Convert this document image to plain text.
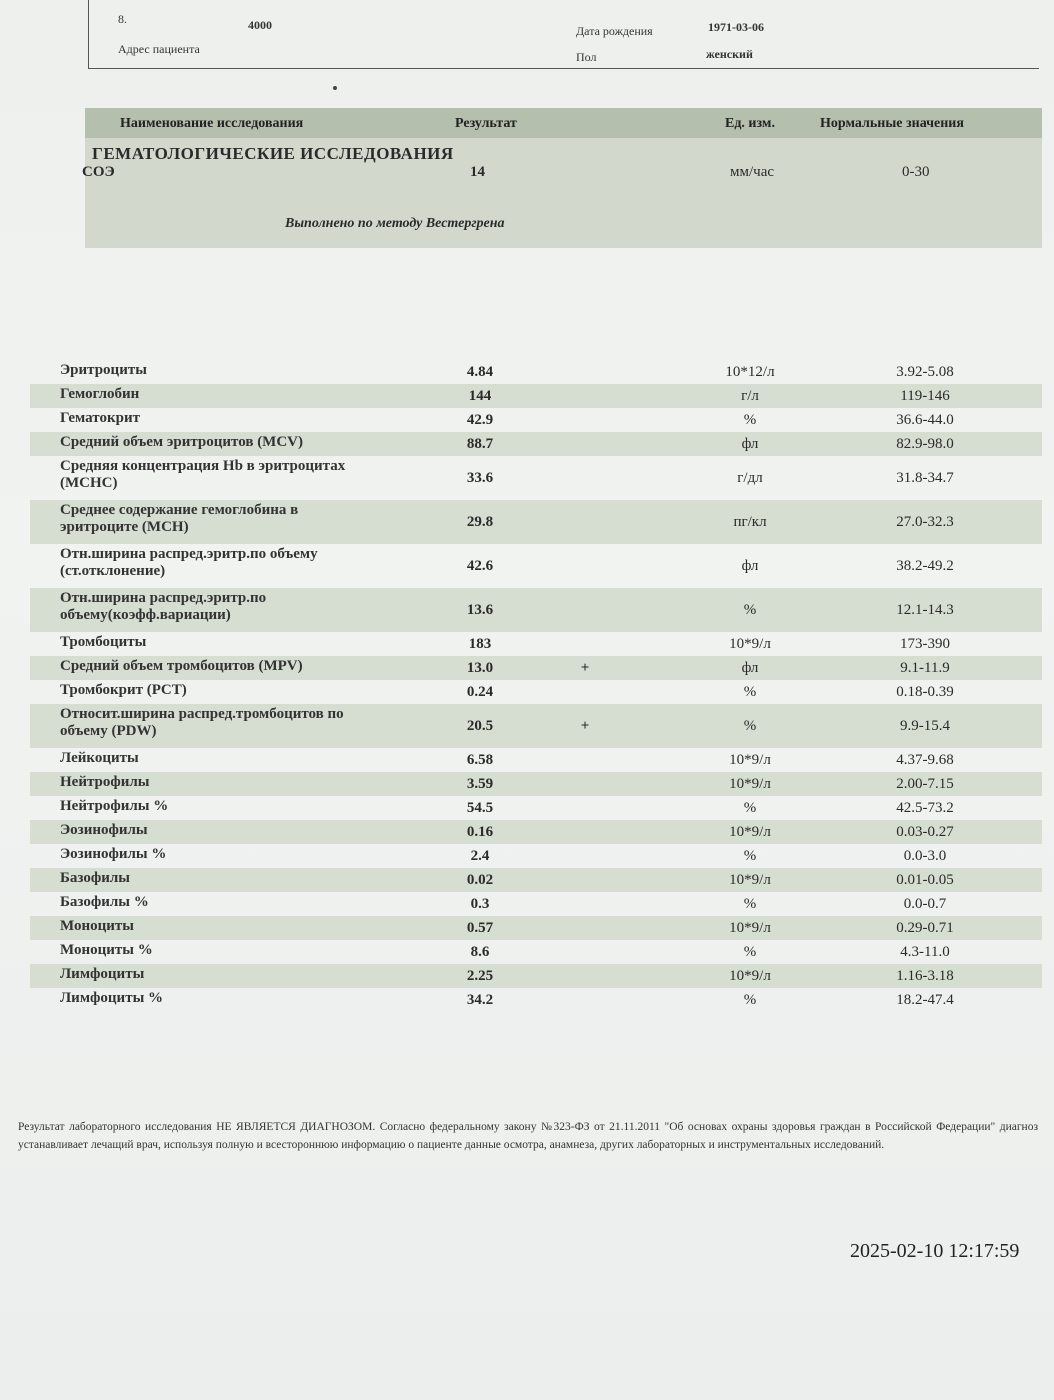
8.	4000
Адрес пациента
Дата рождения	1971-03-06
Пол	женский
Наименование исследования	Результат	Ед. изм.	Нормальные значения
ГЕМАТОЛОГИЧЕСКИЕ ИССЛЕДОВАНИЯ
СОЭ	14	мм/час	0-30
Выполнено по методу Вестергрена
Эритроциты	4.84	10*12/л	3.92-5.08
Гемоглобин	144	г/л	119-146
Гематокрит	42.9	%	36.6-44.0
Средний объем эритроцитов (MCV)	88.7	фл	82.9-98.0
Средняя концентрация Hb в эритроцитах (MCHC)	33.6	г/дл	31.8-34.7
Среднее содержание гемоглобина в эритроците (MCH)	29.8	пг/кл	27.0-32.3
Отн.ширина распред.эритр.по объему (ст.отклонение)	42.6	фл	38.2-49.2
Отн.ширина распред.эритр.по объему(коэфф.вариации)	13.6	%	12.1-14.3
Тромбоциты	183	10*9/л	173-390
Средний объем тромбоцитов (MPV)	13.0	+	фл	9.1-11.9
Тромбокрит (PCT)	0.24	%	0.18-0.39
Относит.ширина распред.тромбоцитов по объему (PDW)	20.5	+	%	9.9-15.4
Лейкоциты	6.58	10*9/л	4.37-9.68
Нейтрофилы	3.59	10*9/л	2.00-7.15
Нейтрофилы %	54.5	%	42.5-73.2
Эозинофилы	0.16	10*9/л	0.03-0.27
Эозинофилы %	2.4	%	0.0-3.0
Базофилы	0.02	10*9/л	0.01-0.05
Базофилы %	0.3	%	0.0-0.7
Моноциты	0.57	10*9/л	0.29-0.71
Моноциты %	8.6	%	4.3-11.0
Лимфоциты	2.25	10*9/л	1.16-3.18
Лимфоциты %	34.2	%	18.2-47.4
Результат лабораторного исследования НЕ ЯВЛЯЕТСЯ ДИАГНОЗОМ. Согласно федеральному закону №323-ФЗ от 21.11.2011 "Об основах охраны здоровья граждан в Российской Федерации" диагноз устанавливает лечащий врач, используя полную и всестороннюю информацию о пациенте данные осмотра, анамнеза, других лабораторных и инструментальных исследований.
2025-02-10 12:17:59
